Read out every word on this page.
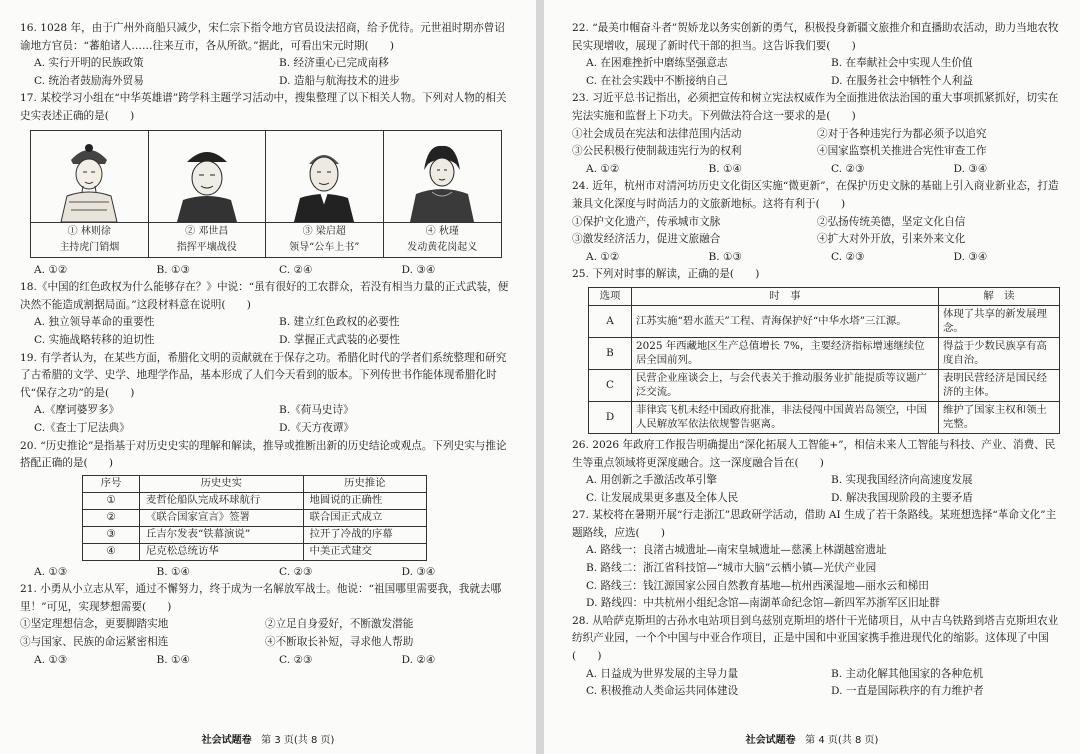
16. 1028 年，由于广州外商船只减少，宋仁宗下指令地方官员设法招商，给予优待。元世祖时期亦曾诏谕地方官员：“蕃舶诸人……往来互市，各从所欲。”据此，可看出宋元时期(　　)

A. 实行开明的民族政策	B. 经济重心已完成南移
C. 统治者鼓励海外贸易	D. 造船与航海技术的进步

17. 某校学习小组在“中华英雄谱”跨学科主题学习活动中，搜集整理了以下相关人物。下列对人物的相关史实表述正确的是(　　)

① 林则徐
主持虎门销烟
② 邓世昌
指挥平壤战役
③ 梁启超
领导“公车上书”
④ 秋瑾
发动黄花岗起义
A. ①②	B. ①③	C. ②④	D. ③④

18.《中国的红色政权为什么能够存在？》中说：“虽有很好的工农群众，若没有相当力量的正式武装，便决然不能造成割据局面。”这段材料意在说明(　　)

A. 独立领导革命的重要性	B. 建立红色政权的必要性
C. 实施战略转移的迫切性	D. 掌握正式武装的必要性

19. 有学者认为，在某些方面，希腊化文明的贡献就在于保存之功。希腊化时代的学者们系统整理和研究了古希腊的文学、史学、地理学作品，基本形成了人们今天看到的版本。下列传世书作能体现希腊化时代“保存之功”的是(　　)

A.《摩诃婆罗多》	B.《荷马史诗》
C.《查士丁尼法典》	D.《天方夜谭》

20. “历史推论”是指基于对历史史实的理解和解读，推导或推断出新的历史结论或观点。下列史实与推论搭配正确的是(　　)

序号	历史史实	历史推论
①	麦哲伦船队完成环球航行	地圆说的正确性
②	《联合国家宣言》签署	联合国正式成立
③	丘吉尔发表“铁幕演说”	拉开了冷战的序幕
④	尼克松总统访华	中美正式建交
A. ①③	B. ①④	C. ②③	D. ③④

21. 小勇从小立志从军，通过不懈努力，终于成为一名解放军战士。他说：“祖国哪里需要我，我就去哪里！”可见，实现梦想需要(　　)

①坚定理想信念，更要脚踏实地	②立足自身爱好，不断激发潜能
③与国家、民族的命运紧密相连	④不断取长补短，寻求他人帮助
A. ①③	B. ①④	C. ②③	D. ②④
社会试题卷 第 3 页(共 8 页)

22. “最美巾帼奋斗者”贺娇龙以务实创新的勇气，积极投身新疆文旅推介和直播助农活动，助力当地农牧民实现增收，展现了新时代干部的担当。这告诉我们要(　　)

A. 在困难挫折中磨练坚强意志	B. 在奉献社会中实现人生价值
C. 在社会实践中不断接纳自己	D. 在服务社会中牺牲个人利益

23. 习近平总书记指出，必须把宣传和树立宪法权威作为全面推进依法治国的重大事项抓紧抓好，切实在宪法实施和监督上下功夫。下列做法符合这一要求的是(　　)

①社会成员在宪法和法律范围内活动	②对于各种违宪行为都必须予以追究
③公民积极行使制裁违宪行为的权利	④国家监察机关推进合宪性审查工作
A. ①②	B. ①④	C. ②③	D. ③④

24. 近年，杭州市对清河坊历史文化街区实施“微更新”，在保护历史文脉的基础上引入商业新业态，打造兼具文化深度与时尚活力的文旅新地标。这将有利于(　　)

①保护文化遗产，传承城市文脉	②弘扬传统美德，坚定文化自信
③激发经济活力，促进文旅融合	④扩大对外开放，引来外来文化
A. ①②	B. ①③	C. ②③	D. ③④

25. 下列对时事的解读，正确的是(　　)

选项	时　事	解　读
A	江苏实施“碧水蓝天”工程、青海保护好“中华水塔”三江源。	体现了共享的新发展理念。
B	2025 年西藏地区生产总值增长 7%，主要经济指标增速继续位居全国前列。	得益于少数民族享有高度自治。
C	民营企业座谈会上，与会代表关于推动服务业扩能提质等议题广泛交流。	表明民营经济是国民经济的主体。
D	菲律宾飞机未经中国政府批准，非法侵闯中国黄岩岛领空，中国人民解放军依法依规警告驱离。	维护了国家主权和领土完整。

26. 2026 年政府工作报告明确提出“深化拓展人工智能+”，相信未来人工智能与科技、产业、消费、民生等重点领域将更深度融合。这一深度融合旨在(　　)

A. 用创新之手激活改革引擎	B. 实现我国经济向高速度发展
C. 让发展成果更多惠及全体人民	D. 解决我国现阶段的主要矛盾

27. 某校将在暑期开展“行走浙江”思政研学活动，借助 AI 生成了若干条路线。某班想选择“革命文化”主题路线，应选(　　)

A. 路线一：良渚古城遗址—南宋皇城遗址—慈溪上林湖越窑遗址
B. 路线二：浙江省科技馆—“城市大脑”云栖小镇—光伏产业园
C. 路线三：钱江源国家公园自然教育基地—杭州西溪湿地—丽水云和梯田
D. 路线四：中共杭州小组纪念馆—南湖革命纪念馆—新四军苏浙军区旧址群

28. 从哈萨克斯坦的古孙水电站项目到乌兹别克斯坦的塔什干光储项目，从中吉乌铁路到塔吉克斯坦农业纺织产业园，一个个中国与中亚合作项目，正是中国和中亚国家携手推进现代化的缩影。这体现了中国(　　)

A. 日益成为世界发展的主导力量	B. 主动化解其他国家的各种危机
C. 积极推动人类命运共同体建设	D. 一直是国际秩序的有力维护者
社会试题卷 第 4 页(共 8 页)
